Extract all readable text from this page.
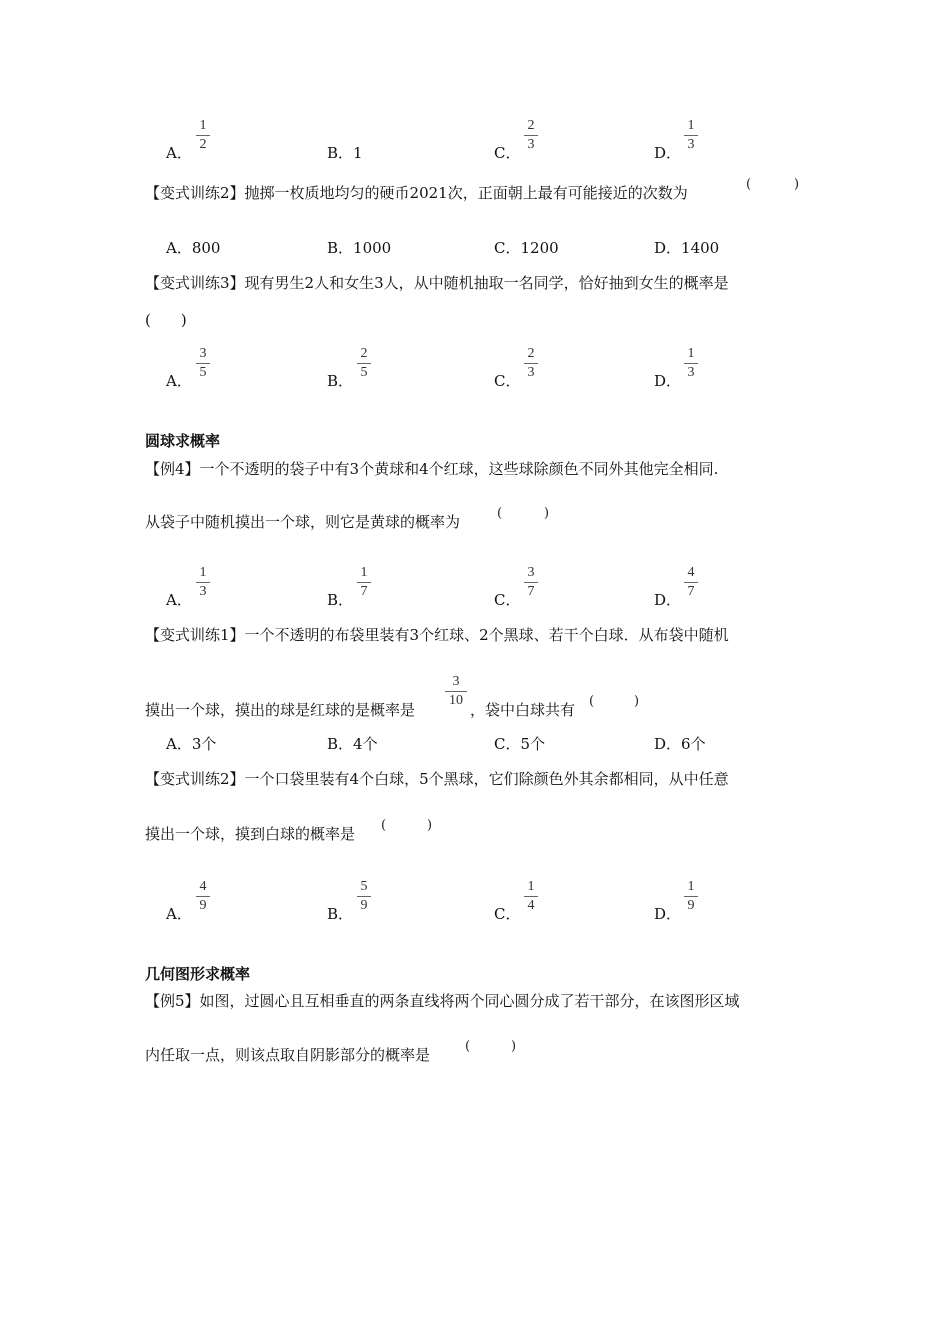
A．
1
2	B．1	C．
2
3	D．
1
3
【变式训练2】抛掷一枚质地均匀的硬币2021次，正面朝上最有可能接近的次数为	(	)
A．800	B．1000	C．1200	D．1400
【变式训练3】现有男生2人和女生3人，从中随机抽取一名同学，恰好抽到女生的概率是
(　　)
A．
3
5	B．
2
5	C．
2
3	D．
1
3
圆球求概率
【例4】一个不透明的袋子中有3个黄球和4个红球，这些球除颜色不同外其他完全相同.
从袋子中随机摸出一个球，则它是黄球的概率为	(	)
A．
1
3	B．
1
7	C．
3
7	D．
4
7
【变式训练1】一个不透明的布袋里装有3个红球、2个黑球、若干个白球．从布袋中随机
摸出一个球，摸出的球是红球的是概率是
3
10
，袋中白球共有 (	)
A．3个	B．4个	C．5个	D．6个
【变式训练2】一个口袋里装有4个白球，5个黑球，它们除颜色外其余都相同，从中任意
摸出一个球，摸到白球的概率是 (	)
A．
4
9	B．
5
9	C．
1
4	D．
1
9
几何图形求概率
【例5】如图，过圆心且互相垂直的两条直线将两个同心圆分成了若干部分，在该图形区域
内任取一点，则该点取自阴影部分的概率是	(	)
